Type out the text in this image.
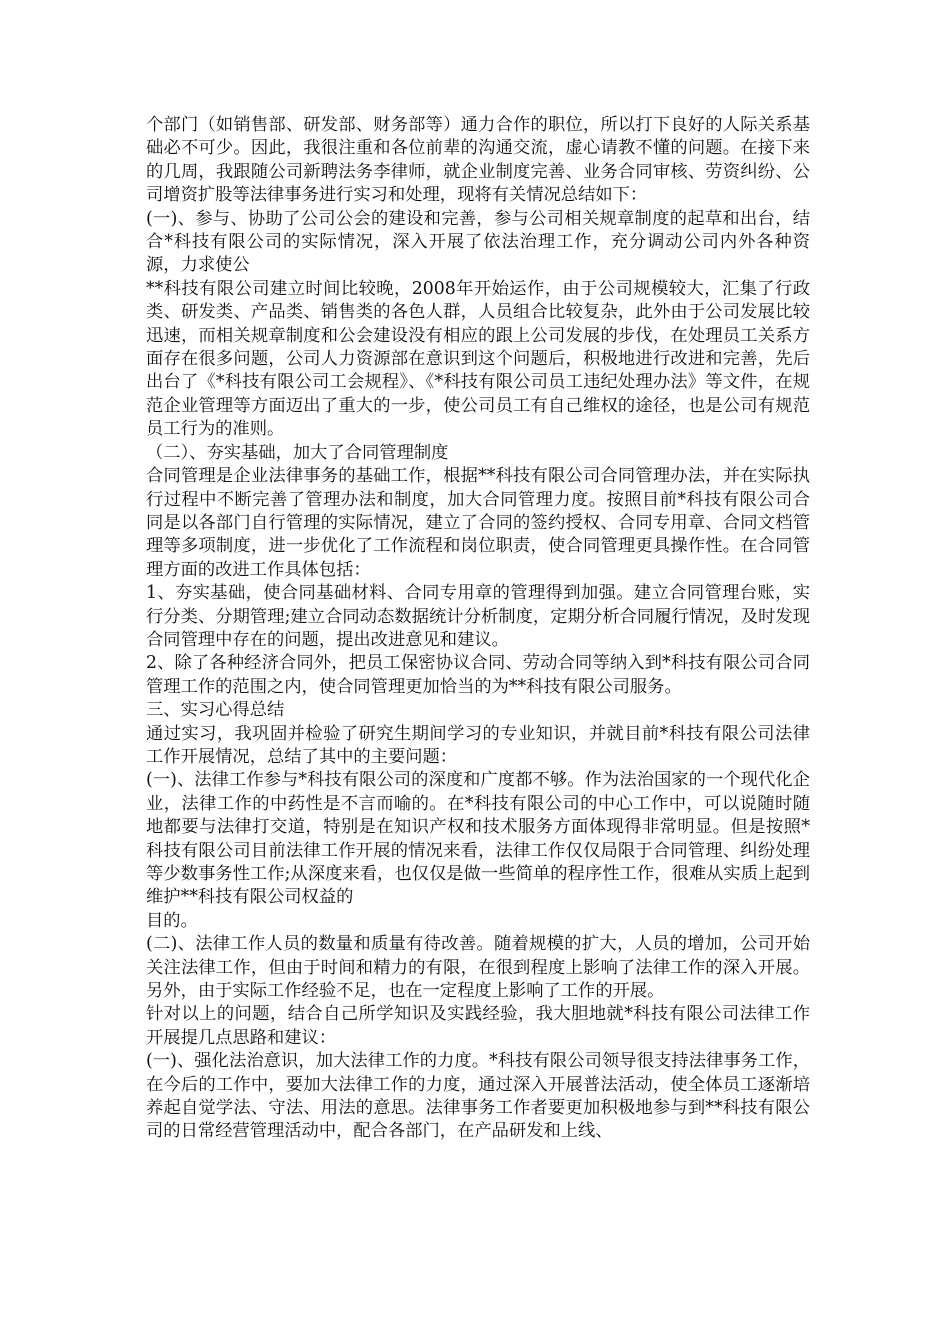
个部门（如销售部、研发部、财务部等）通力合作的职位，所以打下良好的人际关系基础必不可少。因此，我很注重和各位前辈的沟通交流，虚心请教不懂的问题。在接下来的几周，我跟随公司新聘法务李律师，就企业制度完善、业务合同审核、劳资纠纷、公司增资扩股等法律事务进行实习和处理，现将有关情况总结如下：

(一)、参与、协助了公司公会的建设和完善，参与公司相关规章制度的起草和出台，结合*科技有限公司的实际情况，深入开展了依法治理工作，充分调动公司内外各种资源，力求使公

**科技有限公司建立时间比较晚，2008年开始运作，由于公司规模较大，汇集了行政类、研发类、产品类、销售类的各色人群，人员组合比较复杂，此外由于公司发展比较迅速，而相关规章制度和公会建设没有相应的跟上公司发展的步伐，在处理员工关系方面存在很多问题，公司人力资源部在意识到这个问题后，积极地进行改进和完善，先后出台了《*科技有限公司工会规程》、《*科技有限公司员工违纪处理办法》等文件，在规范企业管理等方面迈出了重大的一步，使公司员工有自己维权的途径，也是公司有规范员工行为的准则。

（二）、夯实基础，加大了合同管理制度

合同管理是企业法律事务的基础工作，根据**科技有限公司合同管理办法，并在实际执行过程中不断完善了管理办法和制度，加大合同管理力度。按照目前*科技有限公司合同是以各部门自行管理的实际情况，建立了合同的签约授权、合同专用章、合同文档管理等多项制度，进一步优化了工作流程和岗位职责，使合同管理更具操作性。在合同管理方面的改进工作具体包括：

1、夯实基础，使合同基础材料、合同专用章的管理得到加强。建立合同管理台账，实行分类、分期管理;建立合同动态数据统计分析制度，定期分析合同履行情况，及时发现合同管理中存在的问题，提出改进意见和建议。

2、除了各种经济合同外，把员工保密协议合同、劳动合同等纳入到*科技有限公司合同管理工作的范围之内，使合同管理更加恰当的为**科技有限公司服务。

三、实习心得总结

通过实习，我巩固并检验了研究生期间学习的专业知识，并就目前*科技有限公司法律工作开展情况，总结了其中的主要问题：

(一)、法律工作参与*科技有限公司的深度和广度都不够。作为法治国家的一个现代化企业，法律工作的中药性是不言而喻的。在*科技有限公司的中心工作中，可以说随时随地都要与法律打交道，特别是在知识产权和技术服务方面体现得非常明显。但是按照*科技有限公司目前法律工作开展的情况来看，法律工作仅仅局限于合同管理、纠纷处理等少数事务性工作;从深度来看，也仅仅是做一些简单的程序性工作，很难从实质上起到维护**科技有限公司权益的

目的。

(二)、法律工作人员的数量和质量有待改善。随着规模的扩大，人员的增加，公司开始关注法律工作，但由于时间和精力的有限，在很到程度上影响了法律工作的深入开展。另外，由于实际工作经验不足，也在一定程度上影响了工作的开展。

针对以上的问题，结合自己所学知识及实践经验，我大胆地就*科技有限公司法律工作开展提几点思路和建议：

(一)、强化法治意识，加大法律工作的力度。*科技有限公司领导很支持法律事务工作，在今后的工作中，要加大法律工作的力度，通过深入开展普法活动，使全体员工逐渐培养起自觉学法、守法、用法的意思。法律事务工作者要更加积极地参与到**科技有限公司的日常经营管理活动中，配合各部门，在产品研发和上线、
